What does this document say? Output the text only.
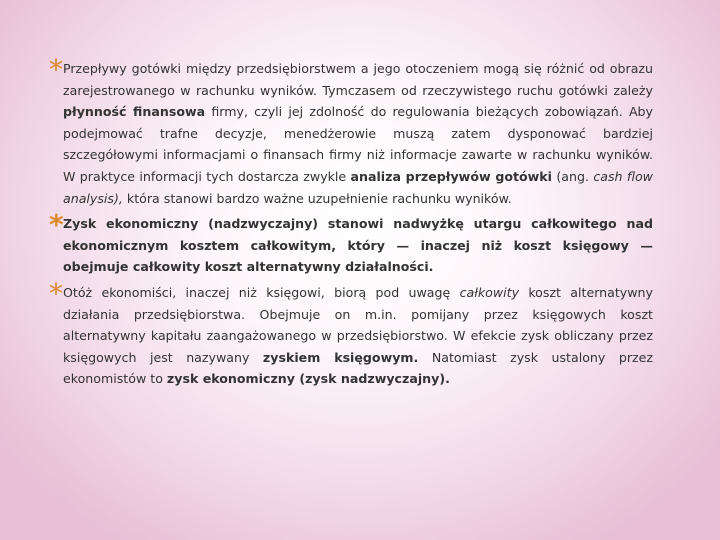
* Przepływy gotówki między przedsiębiorstwem a jego otoczeniem mogą się różnić od obrazu zarejestrowanego w rachunku wyników. Tymczasem od rzeczywistego ruchu gotówki zależy płynność finansowa firmy, czyli jej zdolność do regulowania bieżących zobowiązań. Aby podejmować trafne decyzje, menedżerowie muszą zatem dysponować bardziej szczegółowymi informacjami o finansach firmy niż informacje zawarte w rachunku wyników. W praktyce informacji tych dostarcza zwykle analiza przepływów gotówki (ang. cash flow analysis), która stanowi bardzo ważne uzupełnienie rachunku wyników.

* Zysk ekonomiczny (nadzwyczajny) stanowi nadwyżkę utargu całkowitego nad ekonomicznym kosztem całkowitym, który — inaczej niż koszt księgowy — obejmuje całkowity koszt alternatywny działalności.

* Otóż ekonomiści, inaczej niż księgowi, biorą pod uwagę całkowity koszt alternatywny działania przedsiębiorstwa. Obejmuje on m.in. pomijany przez księgowych koszt alternatywny kapitału zaangażowanego w przedsiębiorstwo. W efekcie zysk obliczany przez księgowych jest nazywany zyskiem księgowym. Natomiast zysk ustalony przez ekonomistów to zysk ekonomiczny (zysk nadzwyczajny).
